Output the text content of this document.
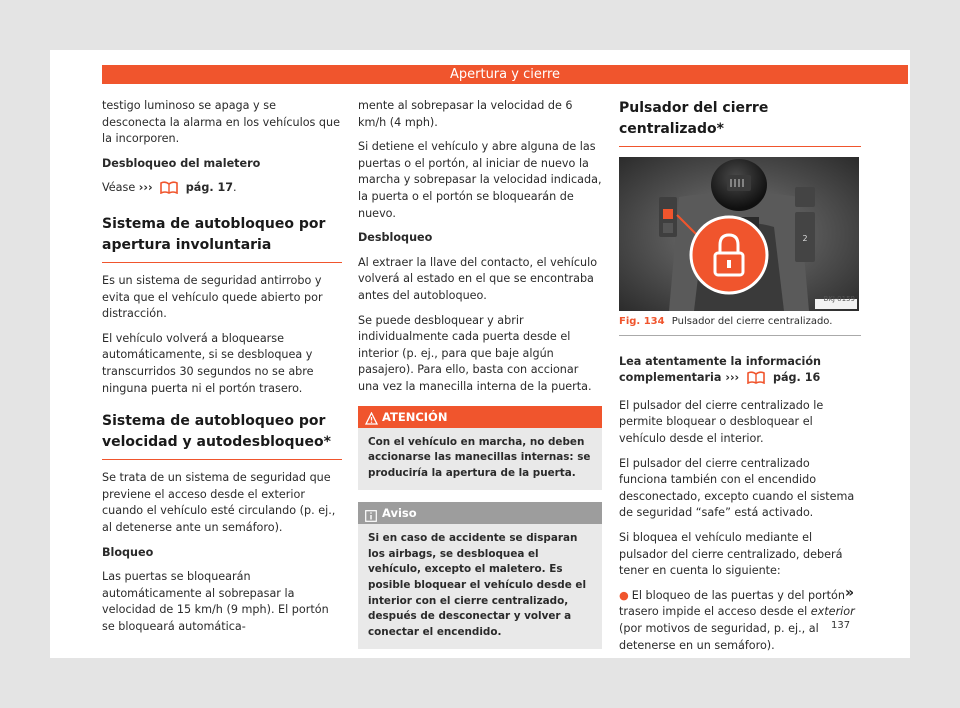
Apertura y cierre

testigo luminoso se apaga y se desconecta la alarma en los vehículos que la incorporen.

Desbloqueo del maletero

Véase ›››	pág. 17.

Sistema de autobloqueo por apertura involuntaria

Es un sistema de seguridad antirrobo y evita que el vehículo quede abierto por distracción.

El vehículo volverá a bloquearse automáticamente, si se desbloquea y transcurridos 30 segundos no se abre ninguna puerta ni el portón trasero.

Sistema de autobloqueo por velocidad y autodesbloqueo*

Se trata de un sistema de seguridad que previene el acceso desde el exterior cuando el vehículo esté circulando (p. ej., al detenerse ante un semáforo).

Bloqueo

Las puertas se bloquearán automáticamente al sobrepasar la velocidad de 15 km/h (9 mph). El portón se bloqueará automática-

mente al sobrepasar la velocidad de 6 km/h (4 mph).

Si detiene el vehículo y abre alguna de las puertas o el portón, al iniciar de nuevo la marcha y sobrepasar la velocidad indicada, la puerta o el portón se bloquearán de nuevo.

Desbloqueo

Al extraer la llave del contacto, el vehículo volverá al estado en el que se encontraba antes del autobloqueo.

Se puede desbloquear y abrir individualmente cada puerta desde el interior (p. ej., para que baje algún pasajero). Para ello, basta con accionar una vez la manecilla interna de la puerta.

ATENCIÓN
Con el vehículo en marcha, no deben accionarse las manecillas internas: se produciría la apertura de la puerta.
Aviso
Si en caso de accidente se disparan los airbags, se desbloquea el vehículo, excepto el maletero. Es posible bloquear el vehículo desde el interior con el cierre centralizado, después de desconectar y volver a conectar el encendido.
Pulsador del cierre centralizado*
2
BKJ-0159
Fig. 134 Pulsador del cierre centralizado.

Lea atentamente la información complementaria ›››	pág. 16

El pulsador del cierre centralizado le permite bloquear o desbloquear el vehículo desde el interior.

El pulsador del cierre centralizado funciona también con el encendido desconectado, excepto cuando el sistema de seguridad “safe” está activado.

Si bloquea el vehículo mediante el pulsador del cierre centralizado, deberá tener en cuenta lo siguiente:

● El bloqueo de las puertas y del portón trasero impide el acceso desde el exterior (por motivos de seguridad, p. ej., al detenerse en un semáforo).

»
137
